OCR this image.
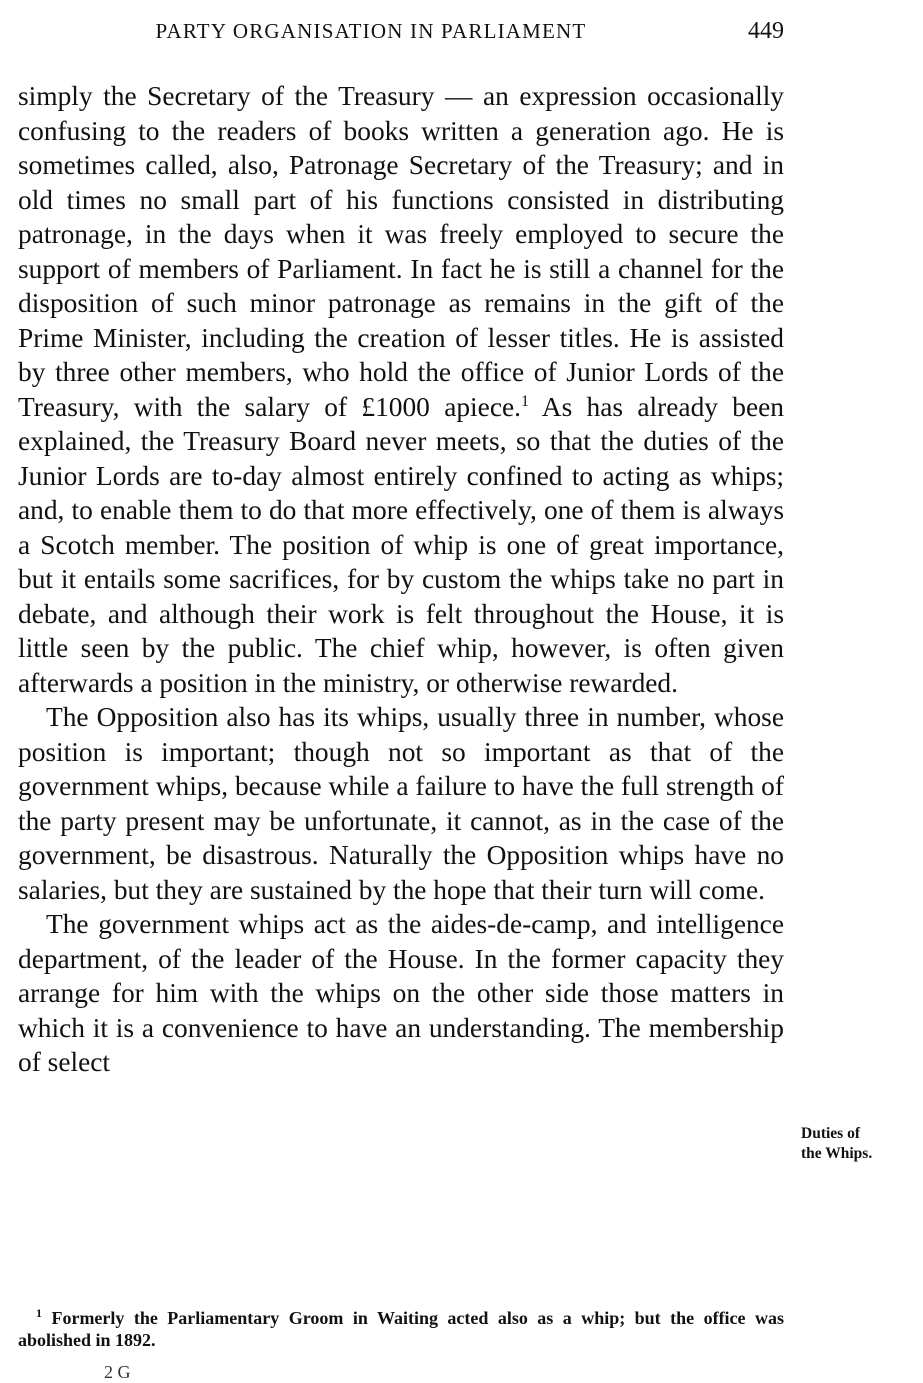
PARTY ORGANISATION IN PARLIAMENT	449

simply the Secretary of the Treasury — an expression occasionally confusing to the readers of books written a generation ago. He is sometimes called, also, Patronage Secretary of the Treasury; and in old times no small part of his functions consisted in distributing patronage, in the days when it was freely employed to secure the support of members of Parliament. In fact he is still a channel for the disposition of such minor patronage as remains in the gift of the Prime Minister, including the creation of lesser titles. He is assisted by three other members, who hold the office of Junior Lords of the Treasury, with the salary of £1000 apiece.$^1$ As has already been explained, the Treasury Board never meets, so that the duties of the Junior Lords are to-day almost entirely confined to acting as whips; and, to enable them to do that more effectively, one of them is always a Scotch member. The position of whip is one of great importance, but it entails some sacrifices, for by custom the whips take no part in debate, and although their work is felt throughout the House, it is little seen by the public. The chief whip, however, is often given afterwards a position in the ministry, or otherwise rewarded.

The Opposition also has its whips, usually three in number, whose position is important; though not so important as that of the government whips, because while a failure to have the full strength of the party present may be unfortunate, it cannot, as in the case of the government, be disastrous. Naturally the Opposition whips have no salaries, but they are sustained by the hope that their turn will come.

The government whips act as the aides-de-camp, and intelligence department, of the leader of the House. In the former capacity they arrange for him with the whips on the other side those matters in which it is a convenience to have an understanding. The membership of select

Duties of
the Whips.

$^1$ Formerly the Parliamentary Groom in Waiting acted also as a whip; but the office was abolished in 1892.

2 G
